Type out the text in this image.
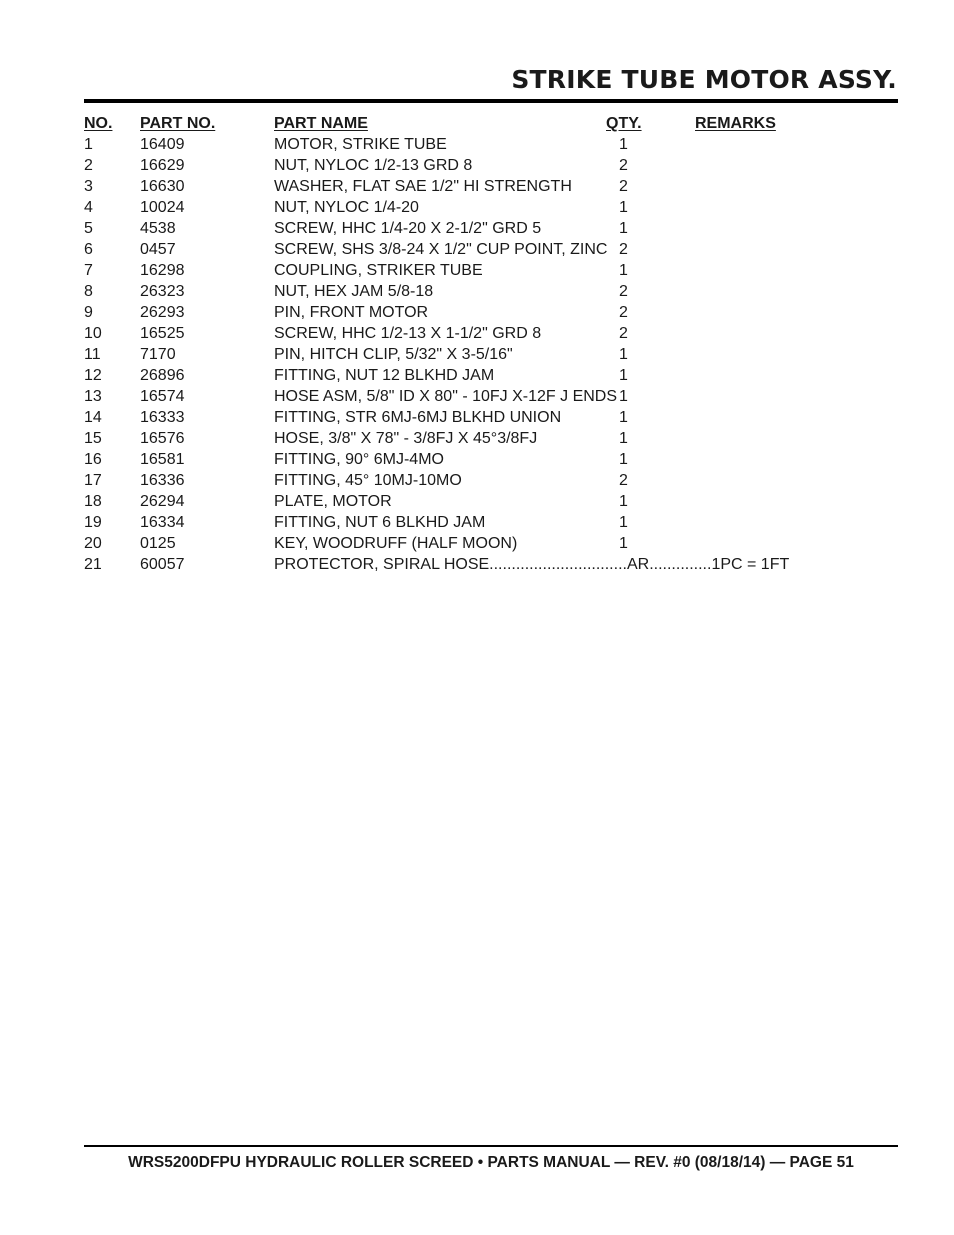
STRIKE TUBE MOTOR ASSY.
NO. PART NO.	PART NAME	QTY.	REMARKS
1	16409	MOTOR, STRIKE TUBE	1
2	16629	NUT, NYLOC 1/2-13 GRD 8	2
3	16630	WASHER, FLAT SAE 1/2" HI STRENGTH	2
4	10024	NUT, NYLOC 1/4-20	1
5	4538	SCREW, HHC 1/4-20 X 2-1/2" GRD 5	1
6	0457	SCREW, SHS 3/8-24 X 1/2" CUP POINT, ZINC 2
7	16298	COUPLING, STRIKER TUBE	1
8	26323	NUT, HEX JAM 5/8-18	2
9	26293	PIN, FRONT MOTOR	2
10 16525	SCREW, HHC 1/2-13 X 1-1/2" GRD 8	2
11 7170	PIN, HITCH CLIP, 5/32" X 3-5/16"	1
12 26896	FITTING, NUT 12 BLKHD JAM	1
13 16574	HOSE ASM, 5/8" ID X 80" - 10FJ X-12F J ENDS 1
14 16333	FITTING, STR 6MJ-6MJ BLKHD UNION	1
15 16576	HOSE, 3/8" X 78" - 3/8FJ X 45°3/8FJ	1
16 16581	FITTING, 90° 6MJ-4MO	1
17 16336	FITTING, 45° 10MJ-10MO	2
18 26294	PLATE, MOTOR	1
19 16334	FITTING, NUT 6 BLKHD JAM	1
20 0125	KEY, WOODRUFF (HALF MOON)	1
21 60057	PROTECTOR, SPIRAL HOSE ............................... AR .............. 1PC = 1FT
WRS5200DFPU HYDRAULIC ROLLER SCREED • PARTS MANUAL — REV. #0 (08/18/14) — PAGE 51
